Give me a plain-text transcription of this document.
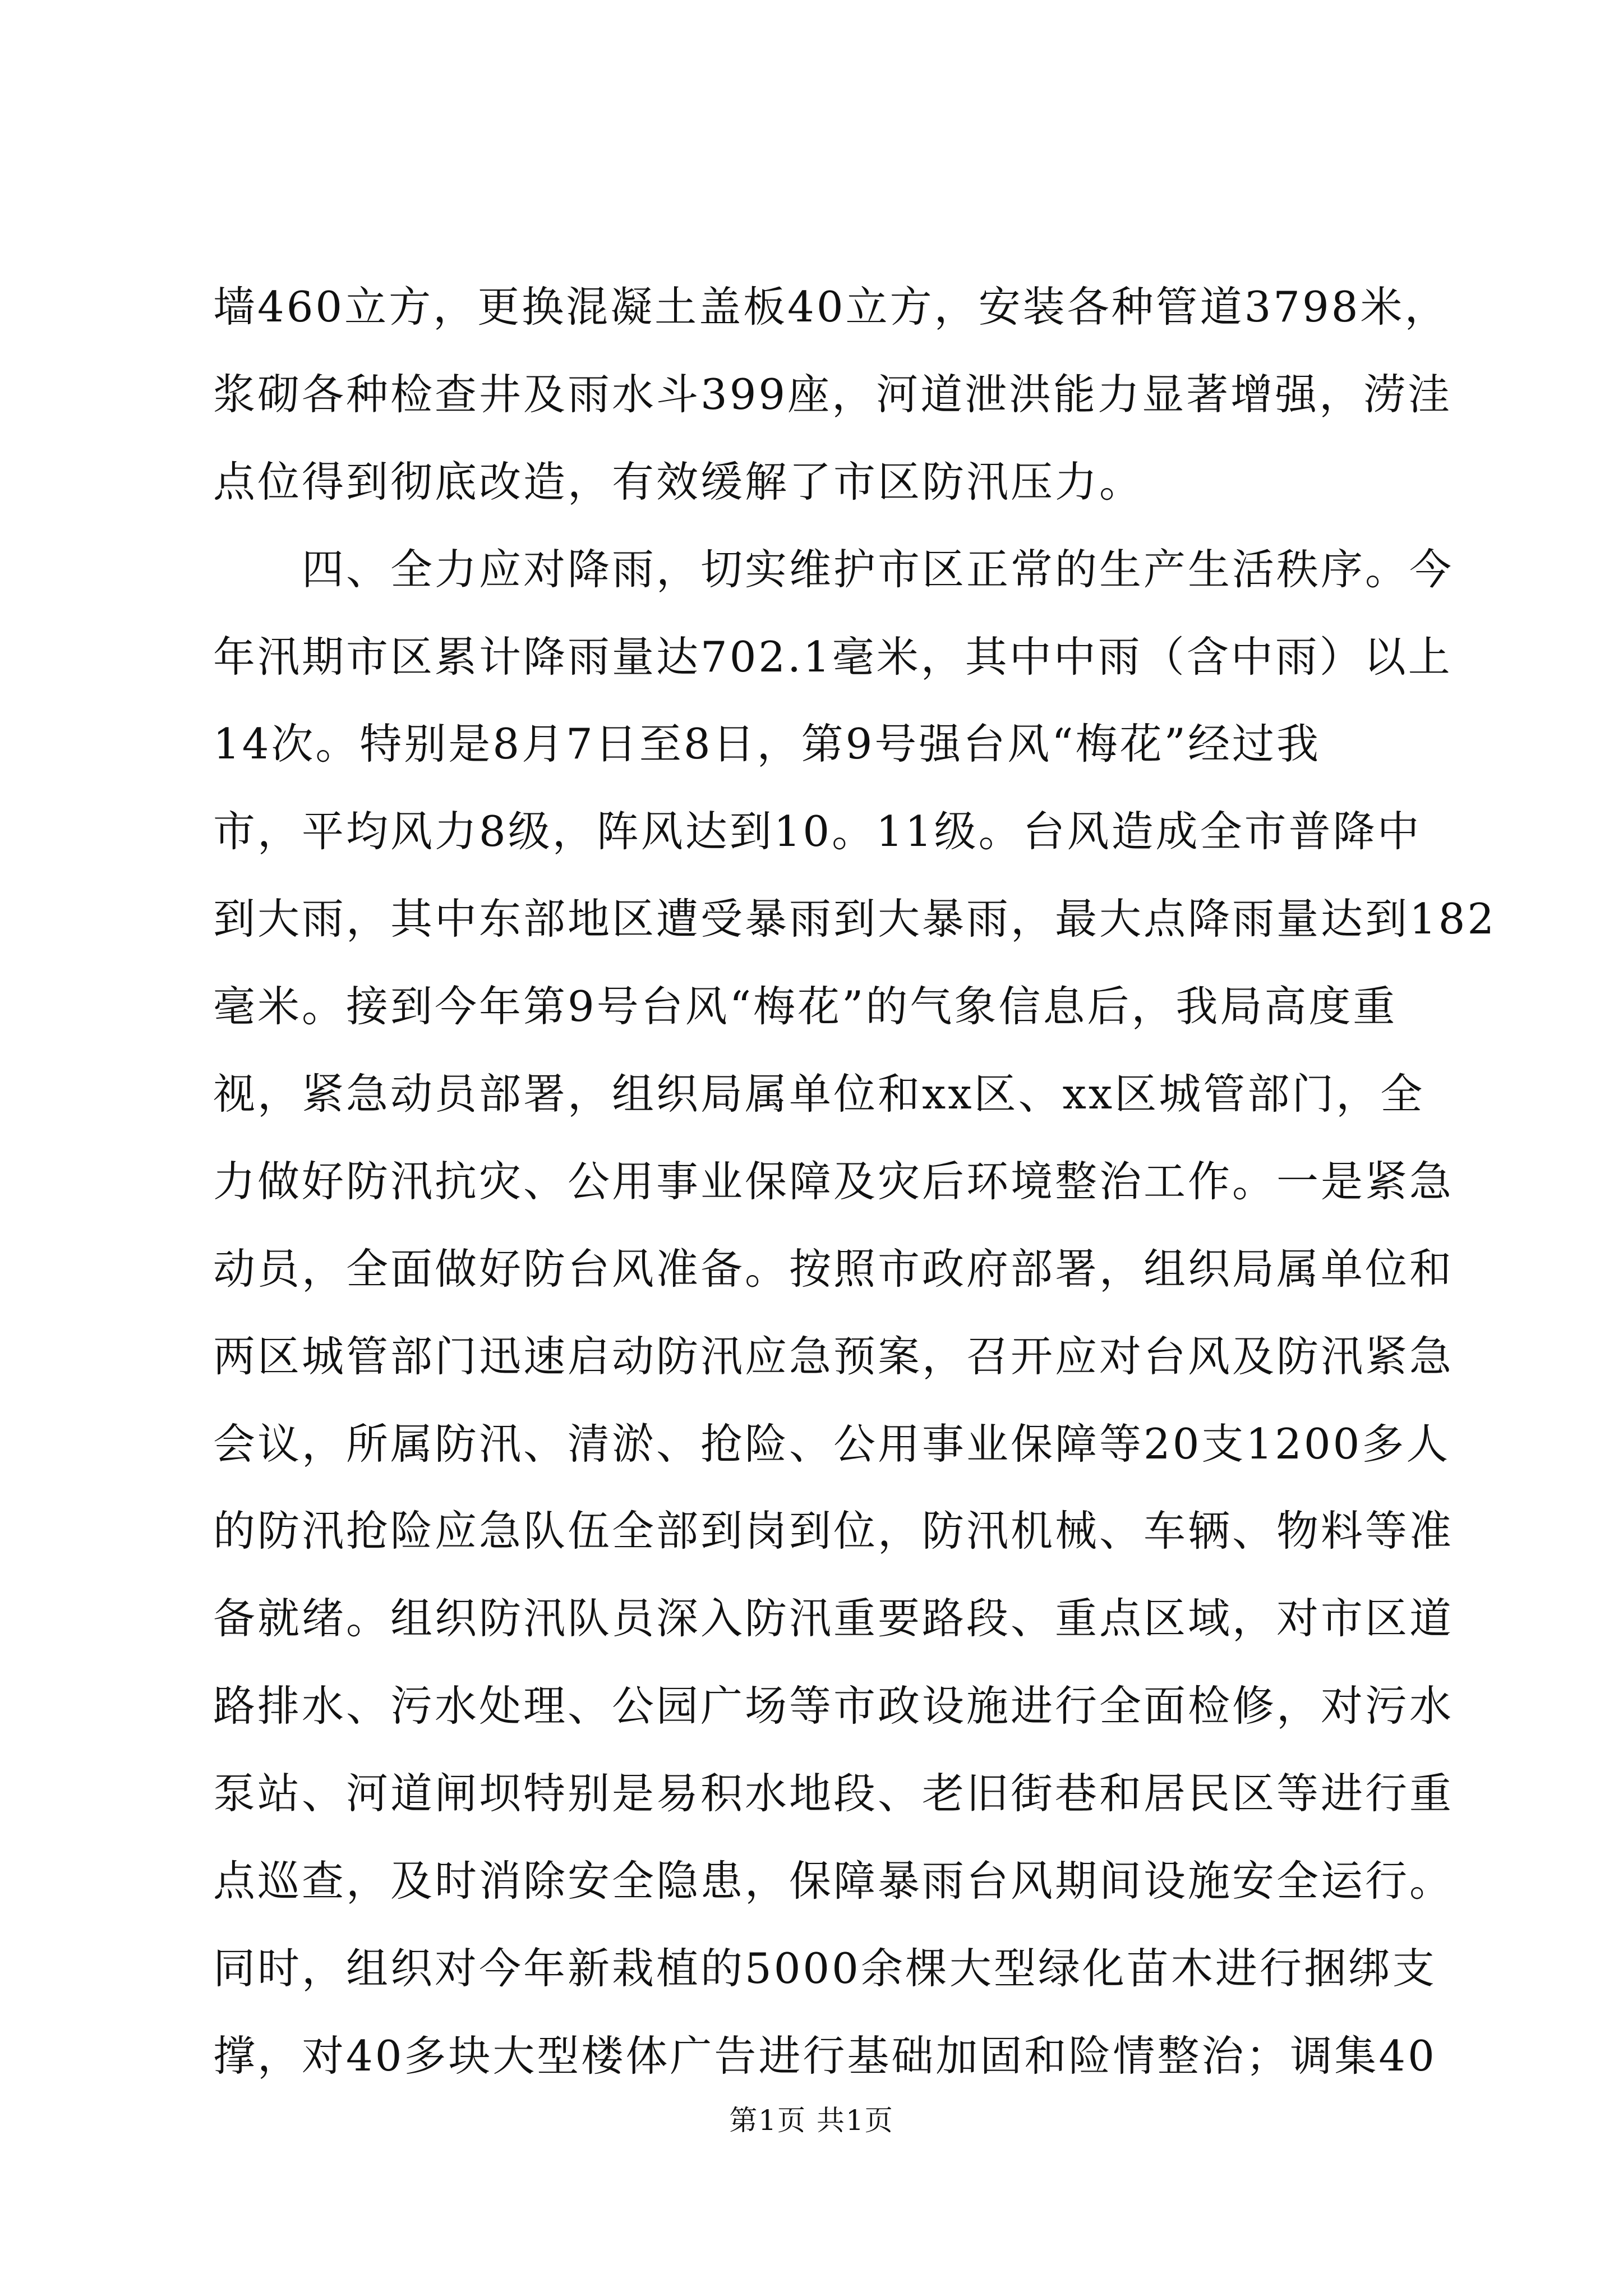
墙460立方，更换混凝土盖板40立方，安装各种管道3798米，
浆砌各种检查井及雨水斗399座，河道泄洪能力显著增强，涝洼
点位得到彻底改造，有效缓解了市区防汛压力。
　　四、全力应对降雨，切实维护市区正常的生产生活秩序。今
年汛期市区累计降雨量达702.1毫米，其中中雨（含中雨）以上
14次。特别是8月7日至8日，第9号强台风“梅花”经过我
市，平均风力8级，阵风达到10。11级。台风造成全市普降中
到大雨，其中东部地区遭受暴雨到大暴雨，最大点降雨量达到182
毫米。接到今年第9号台风“梅花”的气象信息后，我局高度重
视，紧急动员部署，组织局属单位和xx区、xx区城管部门，全
力做好防汛抗灾、公用事业保障及灾后环境整治工作。一是紧急
动员，全面做好防台风准备。按照市政府部署，组织局属单位和
两区城管部门迅速启动防汛应急预案，召开应对台风及防汛紧急
会议，所属防汛、清淤、抢险、公用事业保障等20支1200多人
的防汛抢险应急队伍全部到岗到位，防汛机械、车辆、物料等准
备就绪。组织防汛队员深入防汛重要路段、重点区域，对市区道
路排水、污水处理、公园广场等市政设施进行全面检修，对污水
泵站、河道闸坝特别是易积水地段、老旧街巷和居民区等进行重
点巡查，及时消除安全隐患，保障暴雨台风期间设施安全运行。
同时，组织对今年新栽植的5000余棵大型绿化苗木进行捆绑支
撑，对40多块大型楼体广告进行基础加固和险情整治；调集40
第1页 共1页
